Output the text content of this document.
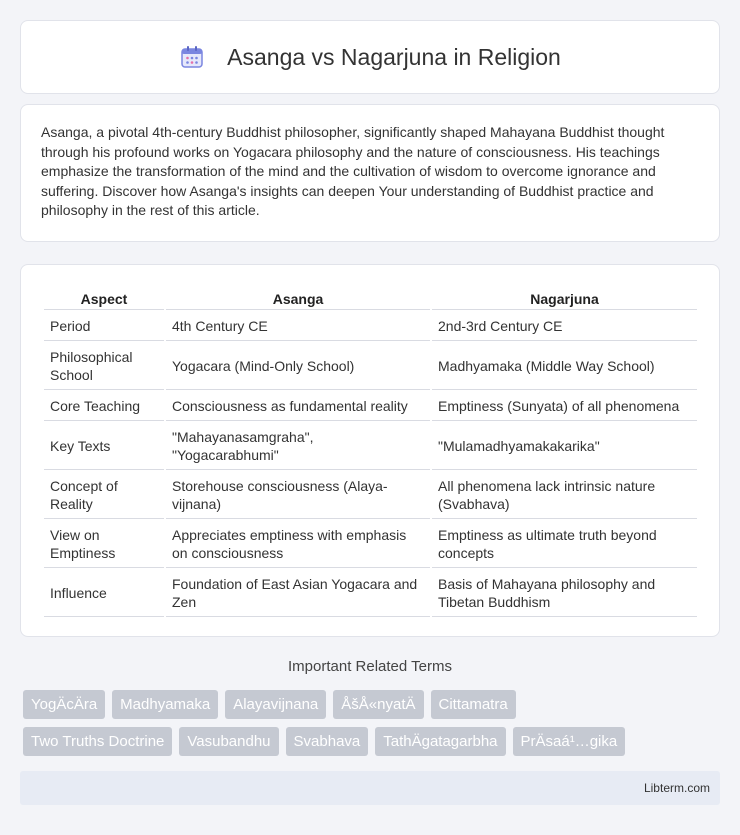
Asanga vs Nagarjuna in Religion

Asanga, a pivotal 4th-century Buddhist philosopher, significantly shaped Mahayana Buddhist thought through his profound works on Yogacara philosophy and the nature of consciousness. His teachings emphasize the transformation of the mind and the cultivation of wisdom to overcome ignorance and suffering. Discover how Asanga's insights can deepen Your understanding of Buddhist practice and philosophy in the rest of this article.

Aspect	Asanga	Nagarjuna
Period	4th Century CE	2nd-3rd Century CE
Philosophical School	Yogacara (Mind-Only School)	Madhyamaka (Middle Way School)
Core Teaching	Consciousness as fundamental reality	Emptiness (Sunyata) of all phenomena
Key Texts	"Mahayanasamgraha", "Yogacarabhumi"	"Mulamadhyamakakarika"
Concept of Reality	Storehouse consciousness (Alaya-vijnana)	All phenomena lack intrinsic nature (Svabhava)
View on Emptiness	Appreciates emptiness with emphasis on consciousness	Emptiness as ultimate truth beyond concepts
Influence	Foundation of East Asian Yogacara and Zen	Basis of Mahayana philosophy and Tibetan Buddhism
Important Related Terms
YogÄcÄra	Madhyamaka	Alayavijnana	ÅšÅ«nyatÄ	Cittamatra
Two Truths Doctrine	Vasubandhu	Svabhava	TathÄgatagarbha	PrÄsaá¹…gika
Libterm.com
